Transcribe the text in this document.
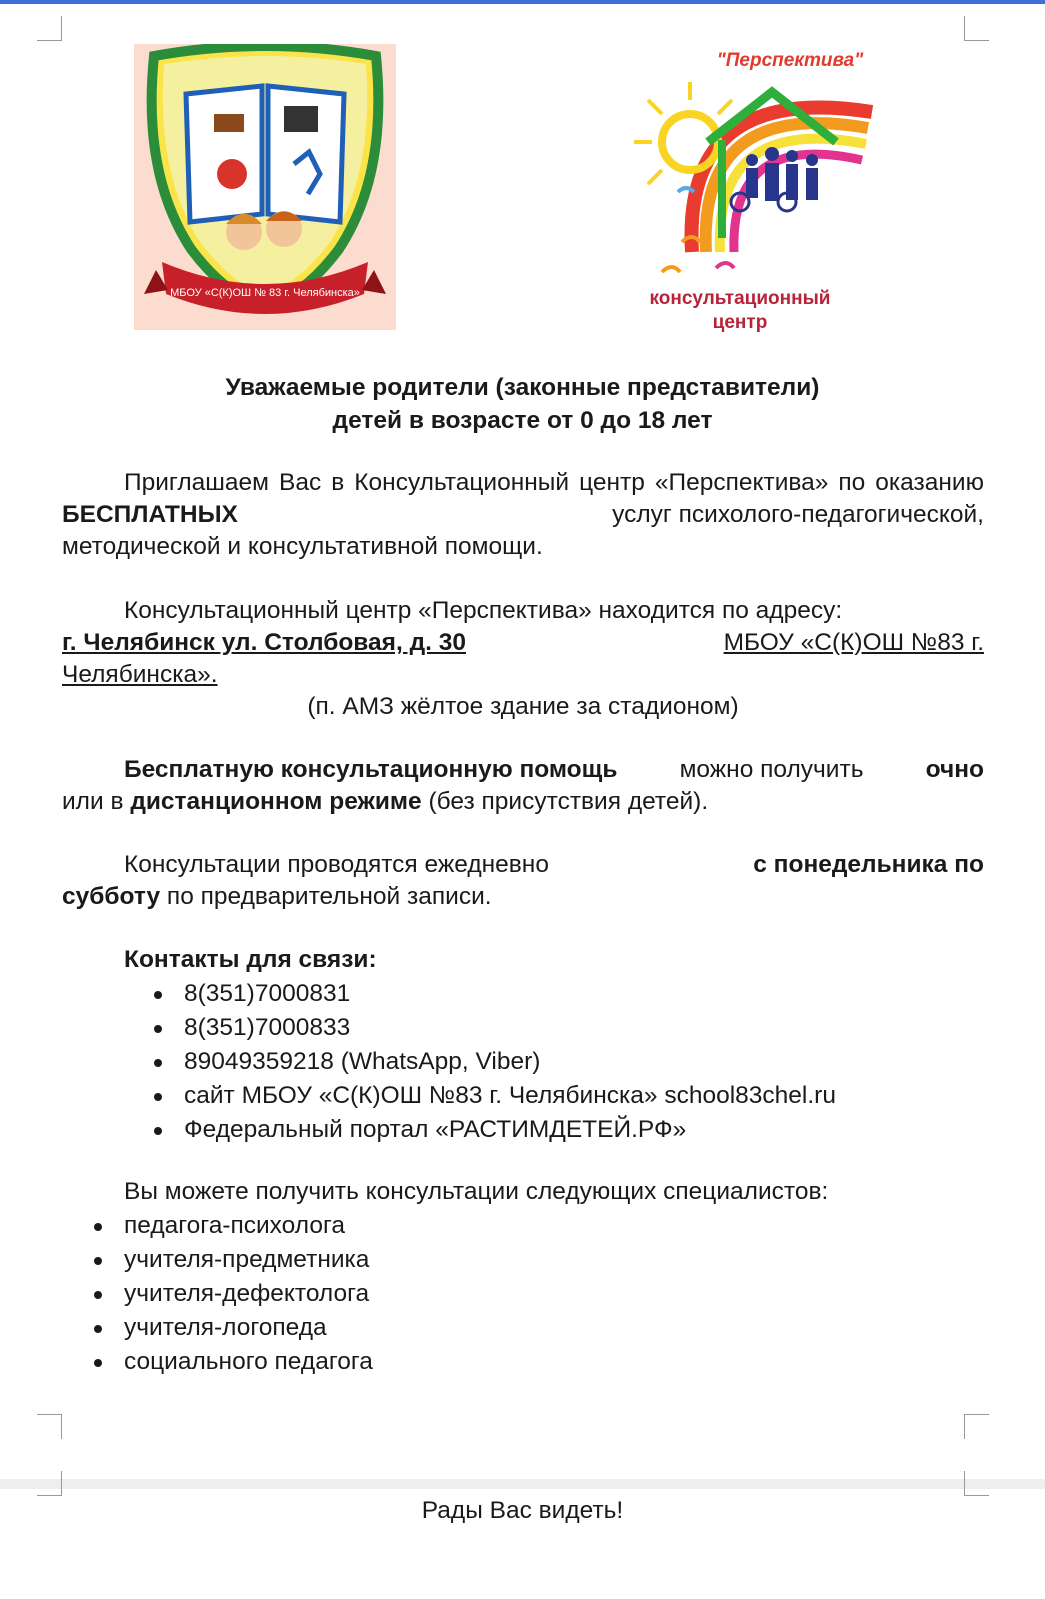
МБОУ «С(К)ОШ № 83 г. Челябинска»
"Перспектива"
консультационный
центр
Уважаемые родители (законные представители)
детей в возрасте от 0 до 18 лет
Приглашаем Вас в Консультационный центр «Перспектива» по оказанию
БЕСПЛАТНЫХ	услуг психолого-педагогической,
методической и консультативной помощи.
Консультационный центр «Перспектива» находится по адресу:
г. Челябинск ул. Столбовая, д. 30	МБОУ «С(К)ОШ №83 г.
Челябинска».
(п. АМЗ жёлтое здание за стадионом)
Бесплатную консультационную помощь	можно получить	очно
или в дистанционном режиме (без присутствия детей).
Консультации проводятся ежедневно	с понедельника по
субботу по предварительной записи.
Контакты для связи:
8(351)7000831
8(351)7000833
89049359218 (WhatsApp, Viber)
сайт МБОУ «С(К)ОШ №83 г. Челябинска» school83chel.ru
Федеральный портал «РАСТИМДЕТЕЙ.РФ»
Вы можете получить консультации следующих специалистов:
педагога-психолога
учителя-предметника
учителя-дефектолога
учителя-логопеда
социального педагога
Рады Вас видеть!
